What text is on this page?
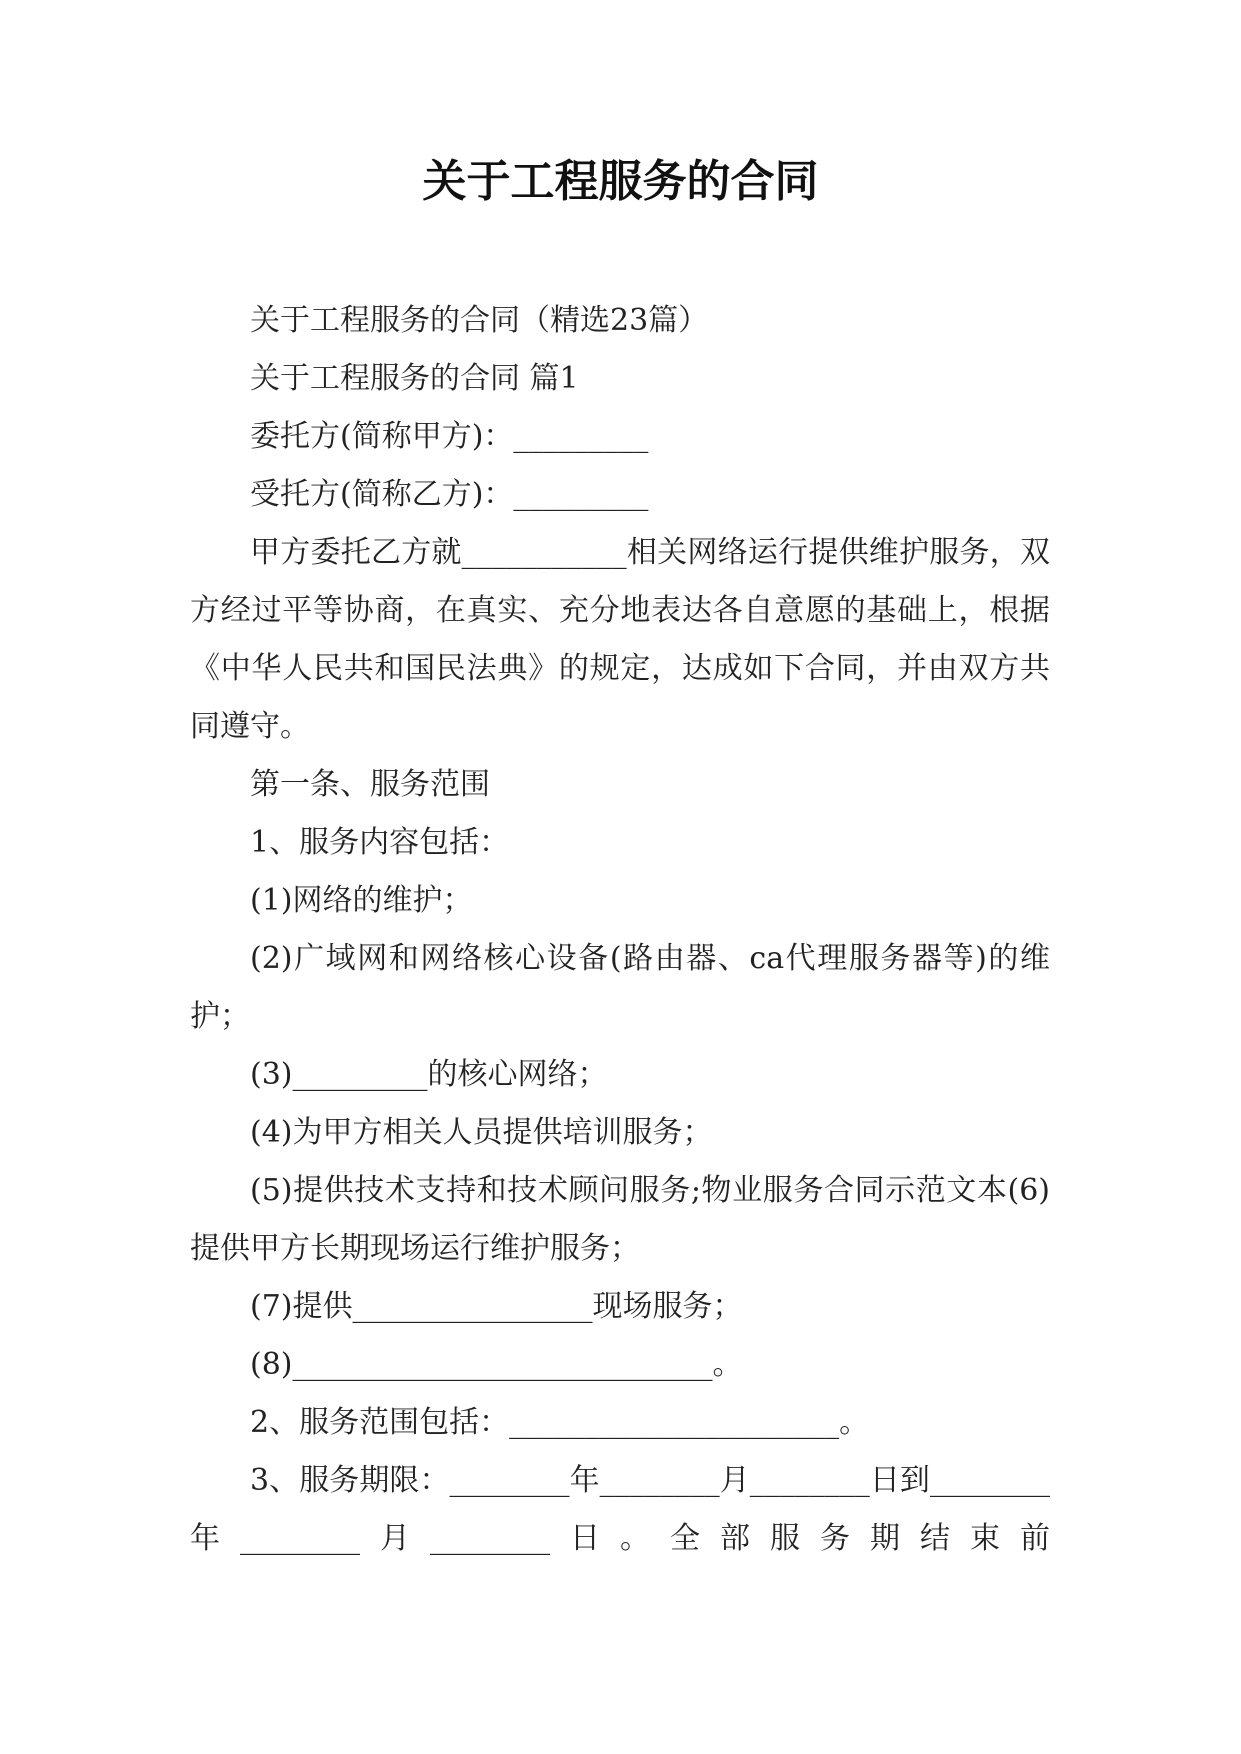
关于工程服务的合同

关于工程服务的合同（精选23篇）

关于工程服务的合同 篇1

委托方(简称甲方)：_________

受托方(简称乙方)：_________

甲方委托乙方就___________相关网络运行提供维护服务，双方经过平等协商，在真实、充分地表达各自意愿的基础上，根据《中华人民共和国民法典》的规定，达成如下合同，并由双方共同遵守。

第一条、服务范围

1、服务内容包括：

(1)网络的维护；

(2)广域网和网络核心设备(路由器、ca代理服务器等)的维护；

(3)_________的核心网络；

(4)为甲方相关人员提供培训服务；

(5)提供技术支持和技术顾问服务;物业服务合同示范文本(6)提供甲方长期现场运行维护服务；

(7)提供________________现场服务；

(8)____________________________。

2、服务范围包括：______________________。

3、服务期限：________年________月________日到________年________月________日。全部服务期结束前
